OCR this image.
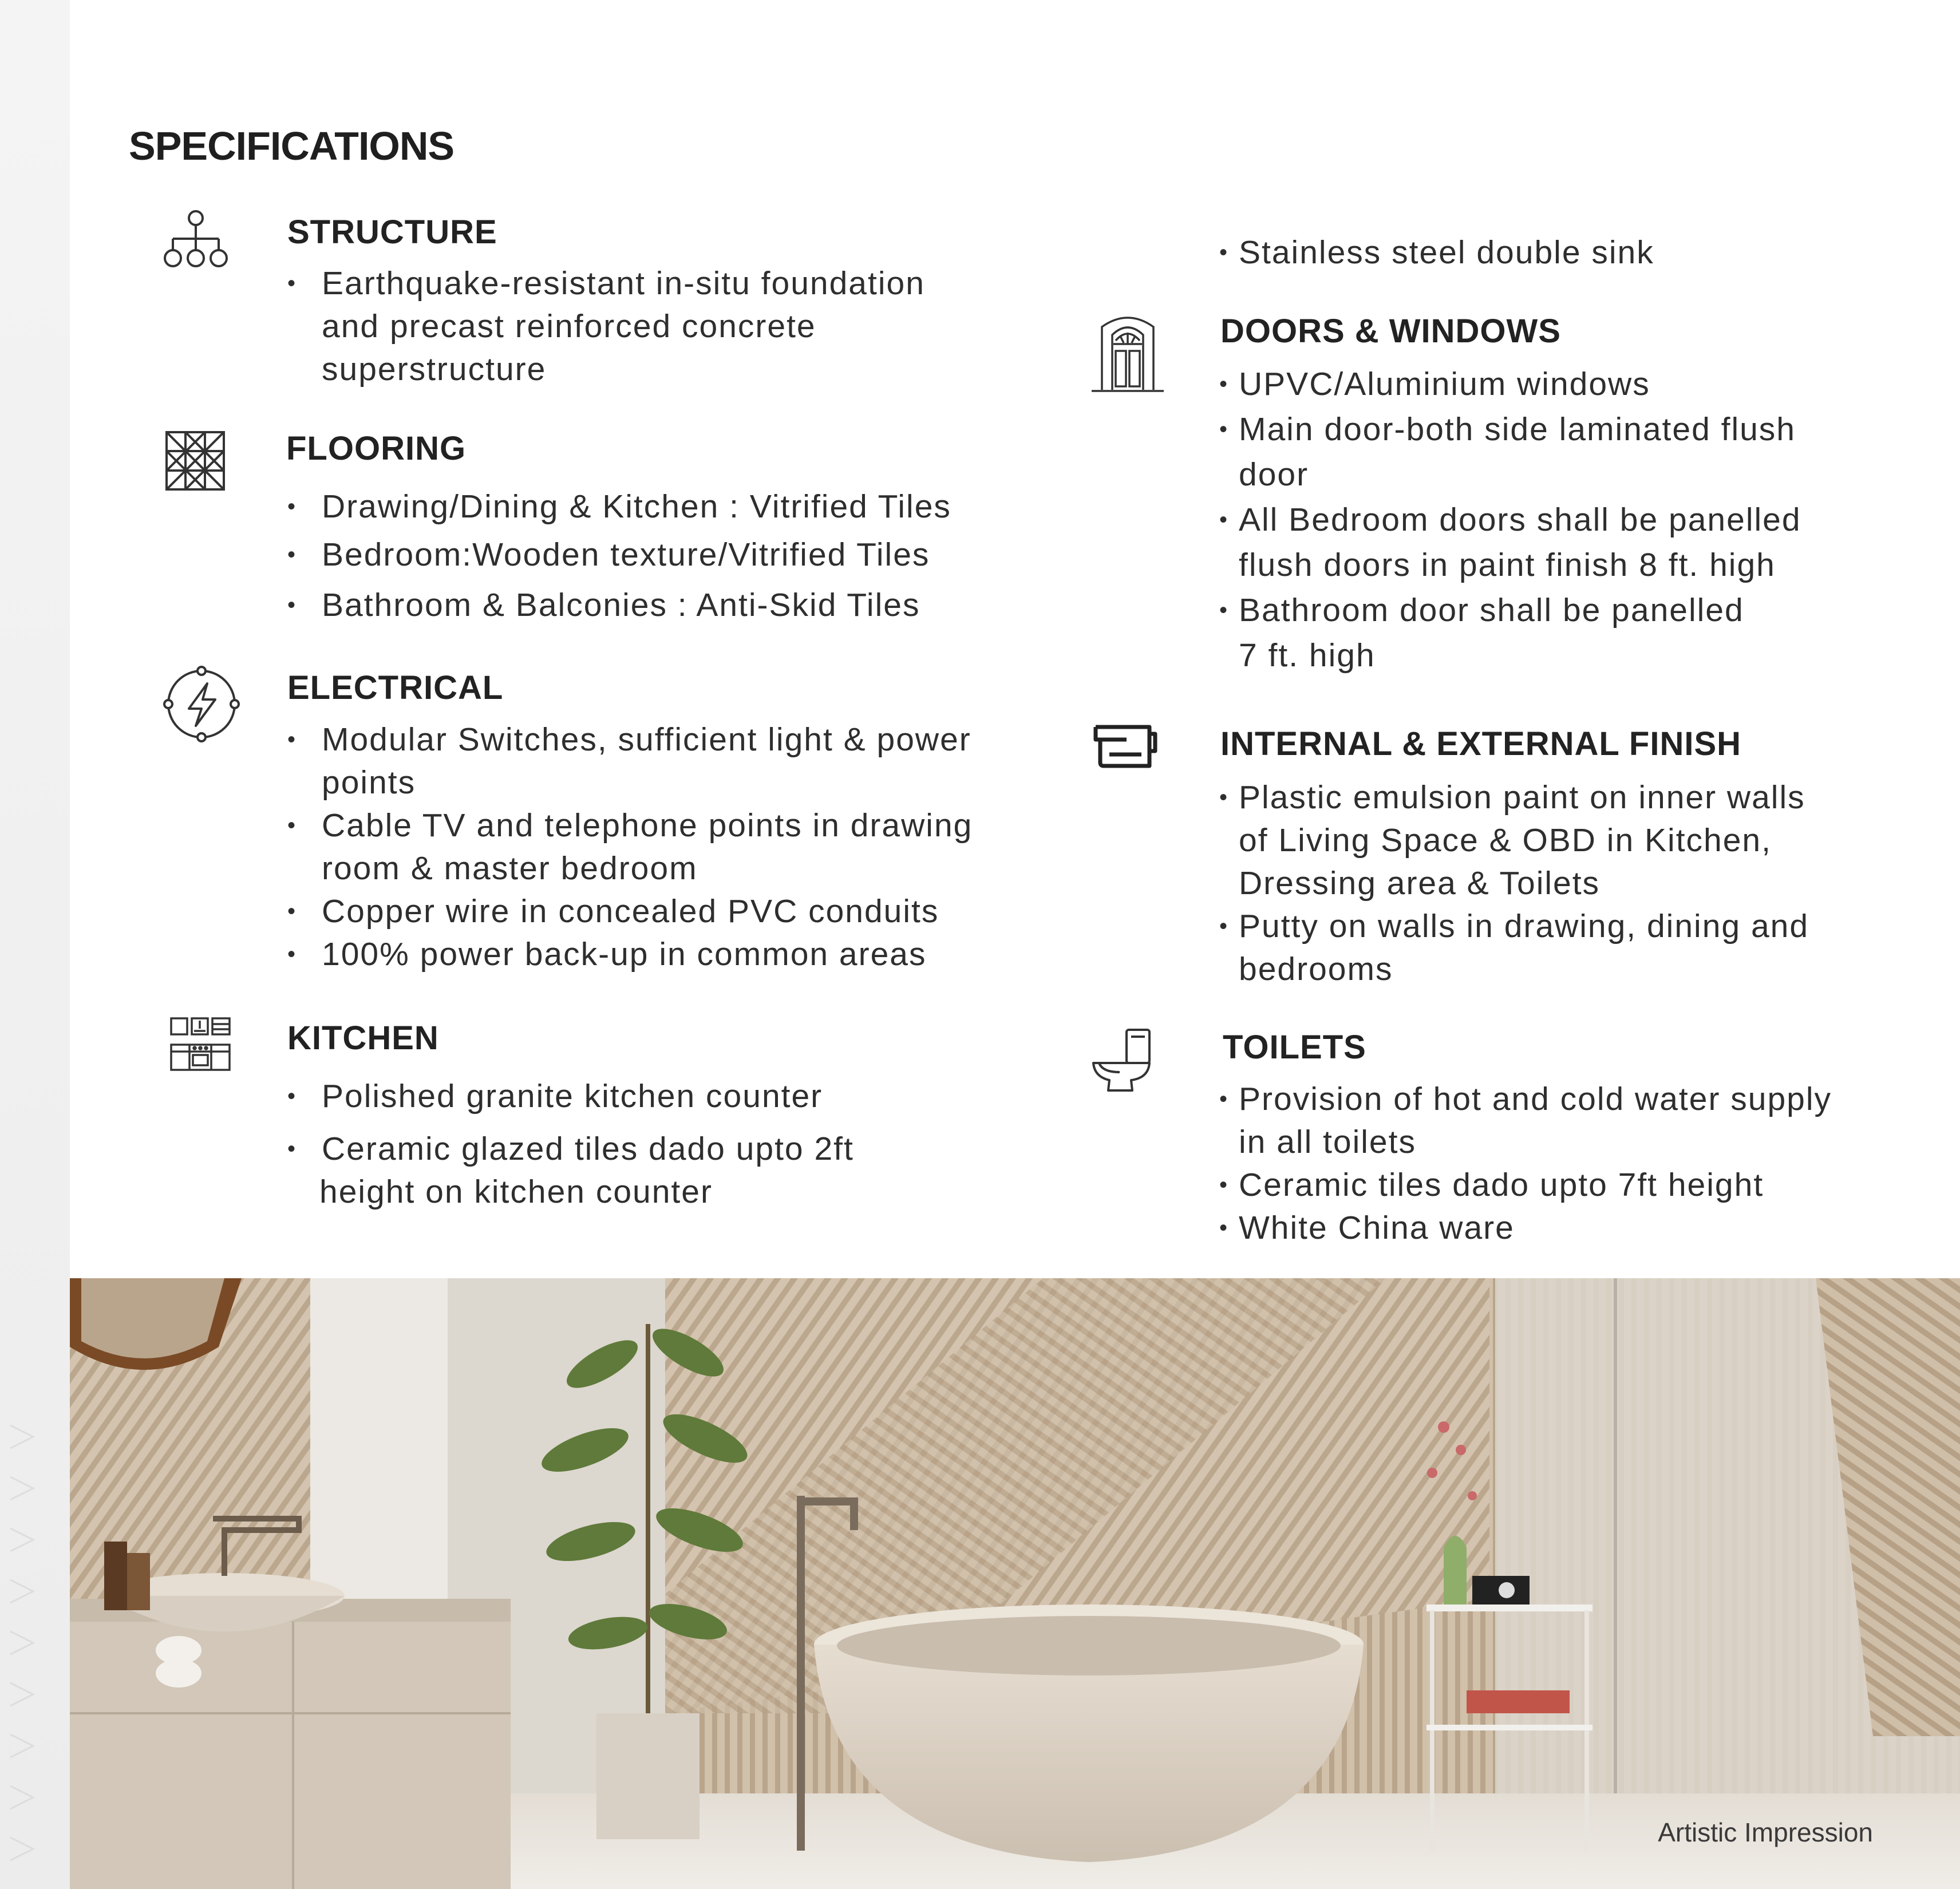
SPECIFICATIONS
STRUCTURE

• Earthquake-resistant in-situ foundation

and precast reinforced concrete

superstructure

FLOORING

• Drawing/Dining & Kitchen : Vitrified Tiles

• Bedroom:Wooden texture/Vitrified Tiles

• Bathroom & Balconies : Anti-Skid Tiles

ELECTRICAL

• Modular Switches, sufficient light & power

points

• Cable TV and telephone points in drawing

room & master bedroom

• Copper wire in concealed PVC conduits

• 100% power back-up in common areas

KITCHEN

• Polished granite kitchen counter

• Ceramic glazed tiles dado upto 2ft

height on kitchen counter

• Stainless steel double sink

DOORS & WINDOWS

• UPVC/Aluminium windows

• Main door-both side laminated flush

door

• All Bedroom doors shall be panelled

flush doors in paint finish 8 ft. high

• Bathroom door shall be panelled

7 ft. high

INTERNAL & EXTERNAL FINISH

• Plastic emulsion paint on inner walls

of Living Space & OBD in Kitchen,

Dressing area & Toilets

• Putty on walls in drawing, dining and

bedrooms

TOILETS

• Provision of hot and cold water supply

in all toilets

• Ceramic tiles dado upto 7ft height

• White China ware

Artistic Impression
